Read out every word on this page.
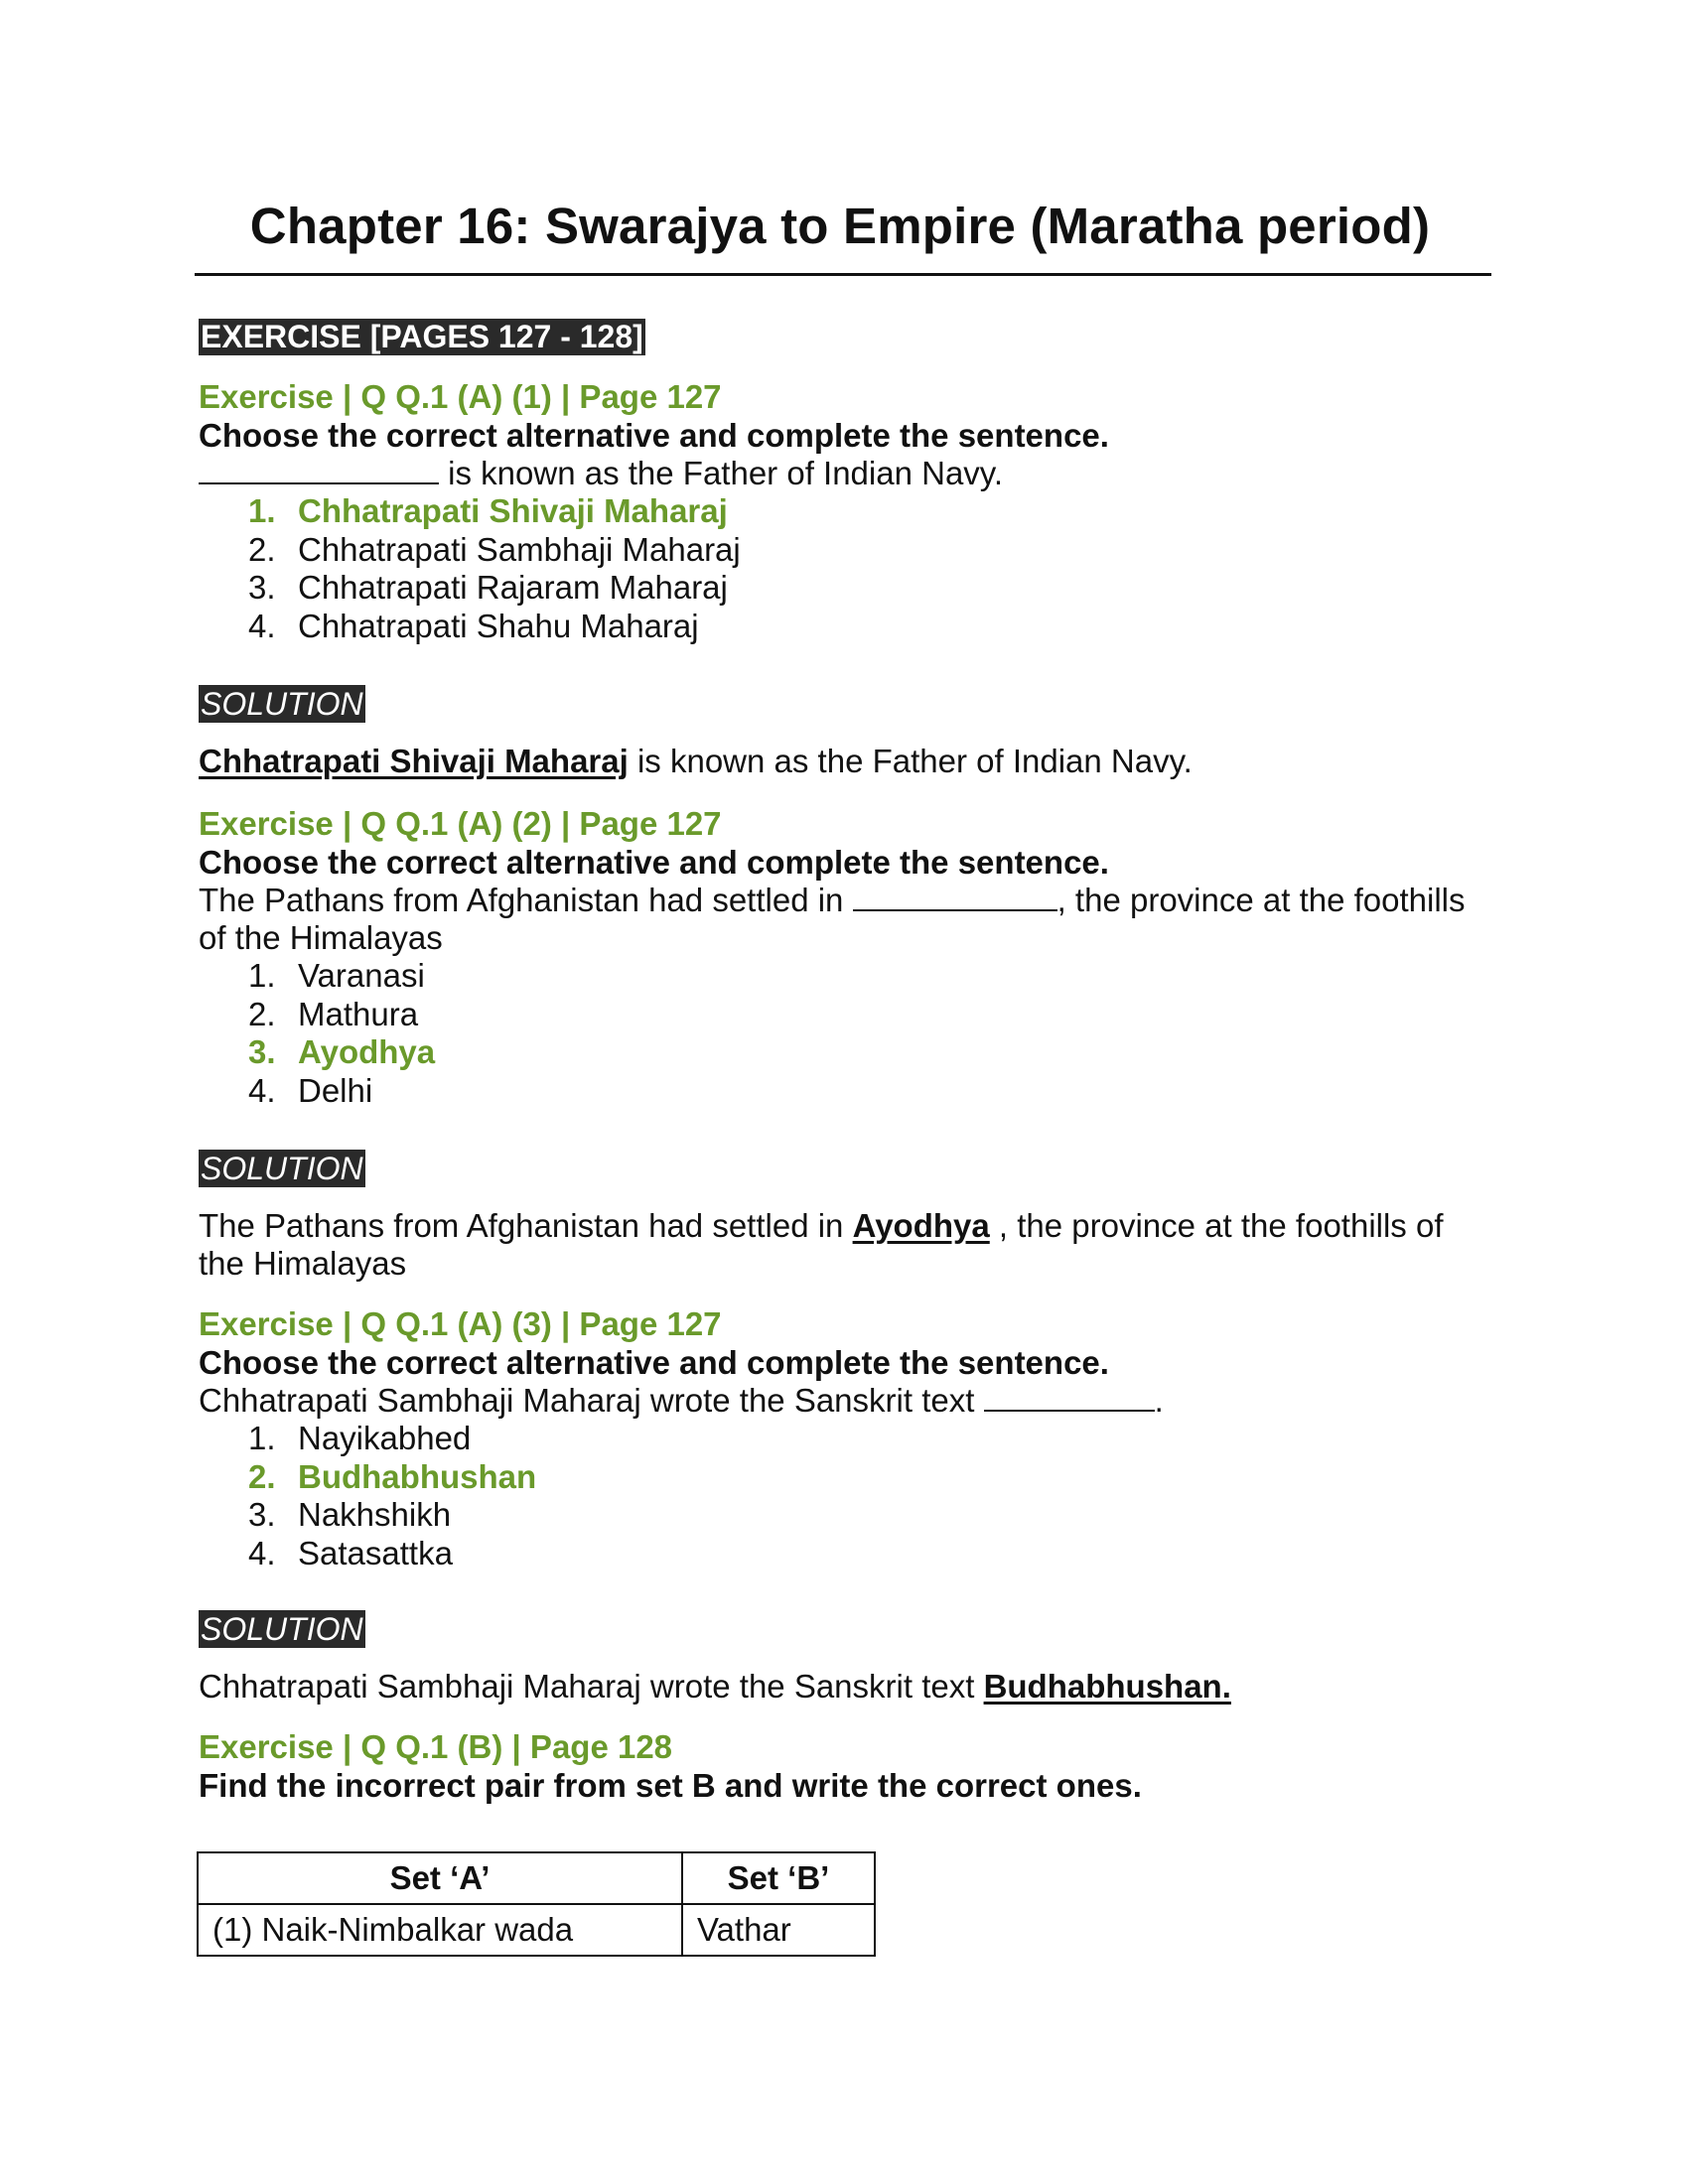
Chapter 16: Swarajya to Empire (Maratha period)
EXERCISE [PAGES 127 - 128]
Exercise | Q Q.1 (A) (1) | Page 127
Choose the correct alternative and complete the sentence.
is known as the Father of Indian Navy.
1. Chhatrapati Shivaji Maharaj
2. Chhatrapati Sambhaji Maharaj
3. Chhatrapati Rajaram Maharaj
4. Chhatrapati Shahu Maharaj
SOLUTION
Chhatrapati Shivaji Maharaj is known as the Father of Indian Navy.
Exercise | Q Q.1 (A) (2) | Page 127
Choose the correct alternative and complete the sentence.
The Pathans from Afghanistan had settled in	, the province at the foothills of the Himalayas
1. Varanasi
2. Mathura
3. Ayodhya
4. Delhi
SOLUTION
The Pathans from Afghanistan had settled in Ayodhya , the province at the foothills of the Himalayas
Exercise | Q Q.1 (A) (3) | Page 127
Choose the correct alternative and complete the sentence.
Chhatrapati Sambhaji Maharaj wrote the Sanskrit text	.
1. Nayikabhed
2. Budhabhushan
3. Nakhshikh
4. Satasattka
SOLUTION
Chhatrapati Sambhaji Maharaj wrote the Sanskrit text Budhabhushan.
Exercise | Q Q.1 (B) | Page 128
Find the incorrect pair from set B and write the correct ones.
Set ‘A’	Set ‘B’
(1) Naik-Nimbalkar wada	Vathar
